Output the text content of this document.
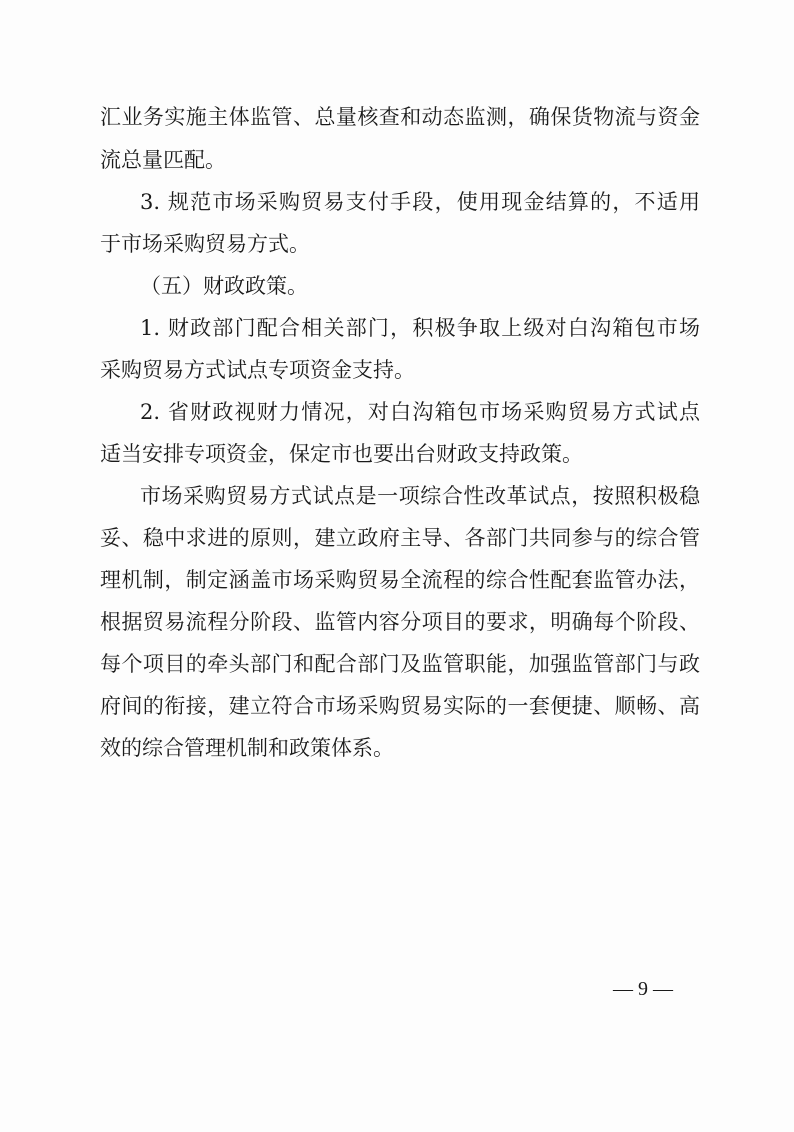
汇业务实施主体监管、总量核查和动态监测，确保货物流与资金
流总量匹配。
3. 规范市场采购贸易支付手段，使用现金结算的，不适用
于市场采购贸易方式。
（五）财政政策。
1. 财政部门配合相关部门，积极争取上级对白沟箱包市场
采购贸易方式试点专项资金支持。
2. 省财政视财力情况，对白沟箱包市场采购贸易方式试点
适当安排专项资金，保定市也要出台财政支持政策。
市场采购贸易方式试点是一项综合性改革试点，按照积极稳
妥、稳中求进的原则，建立政府主导、各部门共同参与的综合管
理机制，制定涵盖市场采购贸易全流程的综合性配套监管办法，
根据贸易流程分阶段、监管内容分项目的要求，明确每个阶段、
每个项目的牵头部门和配合部门及监管职能，加强监管部门与政
府间的衔接，建立符合市场采购贸易实际的一套便捷、顺畅、高
效的综合管理机制和政策体系。
— 9 —
